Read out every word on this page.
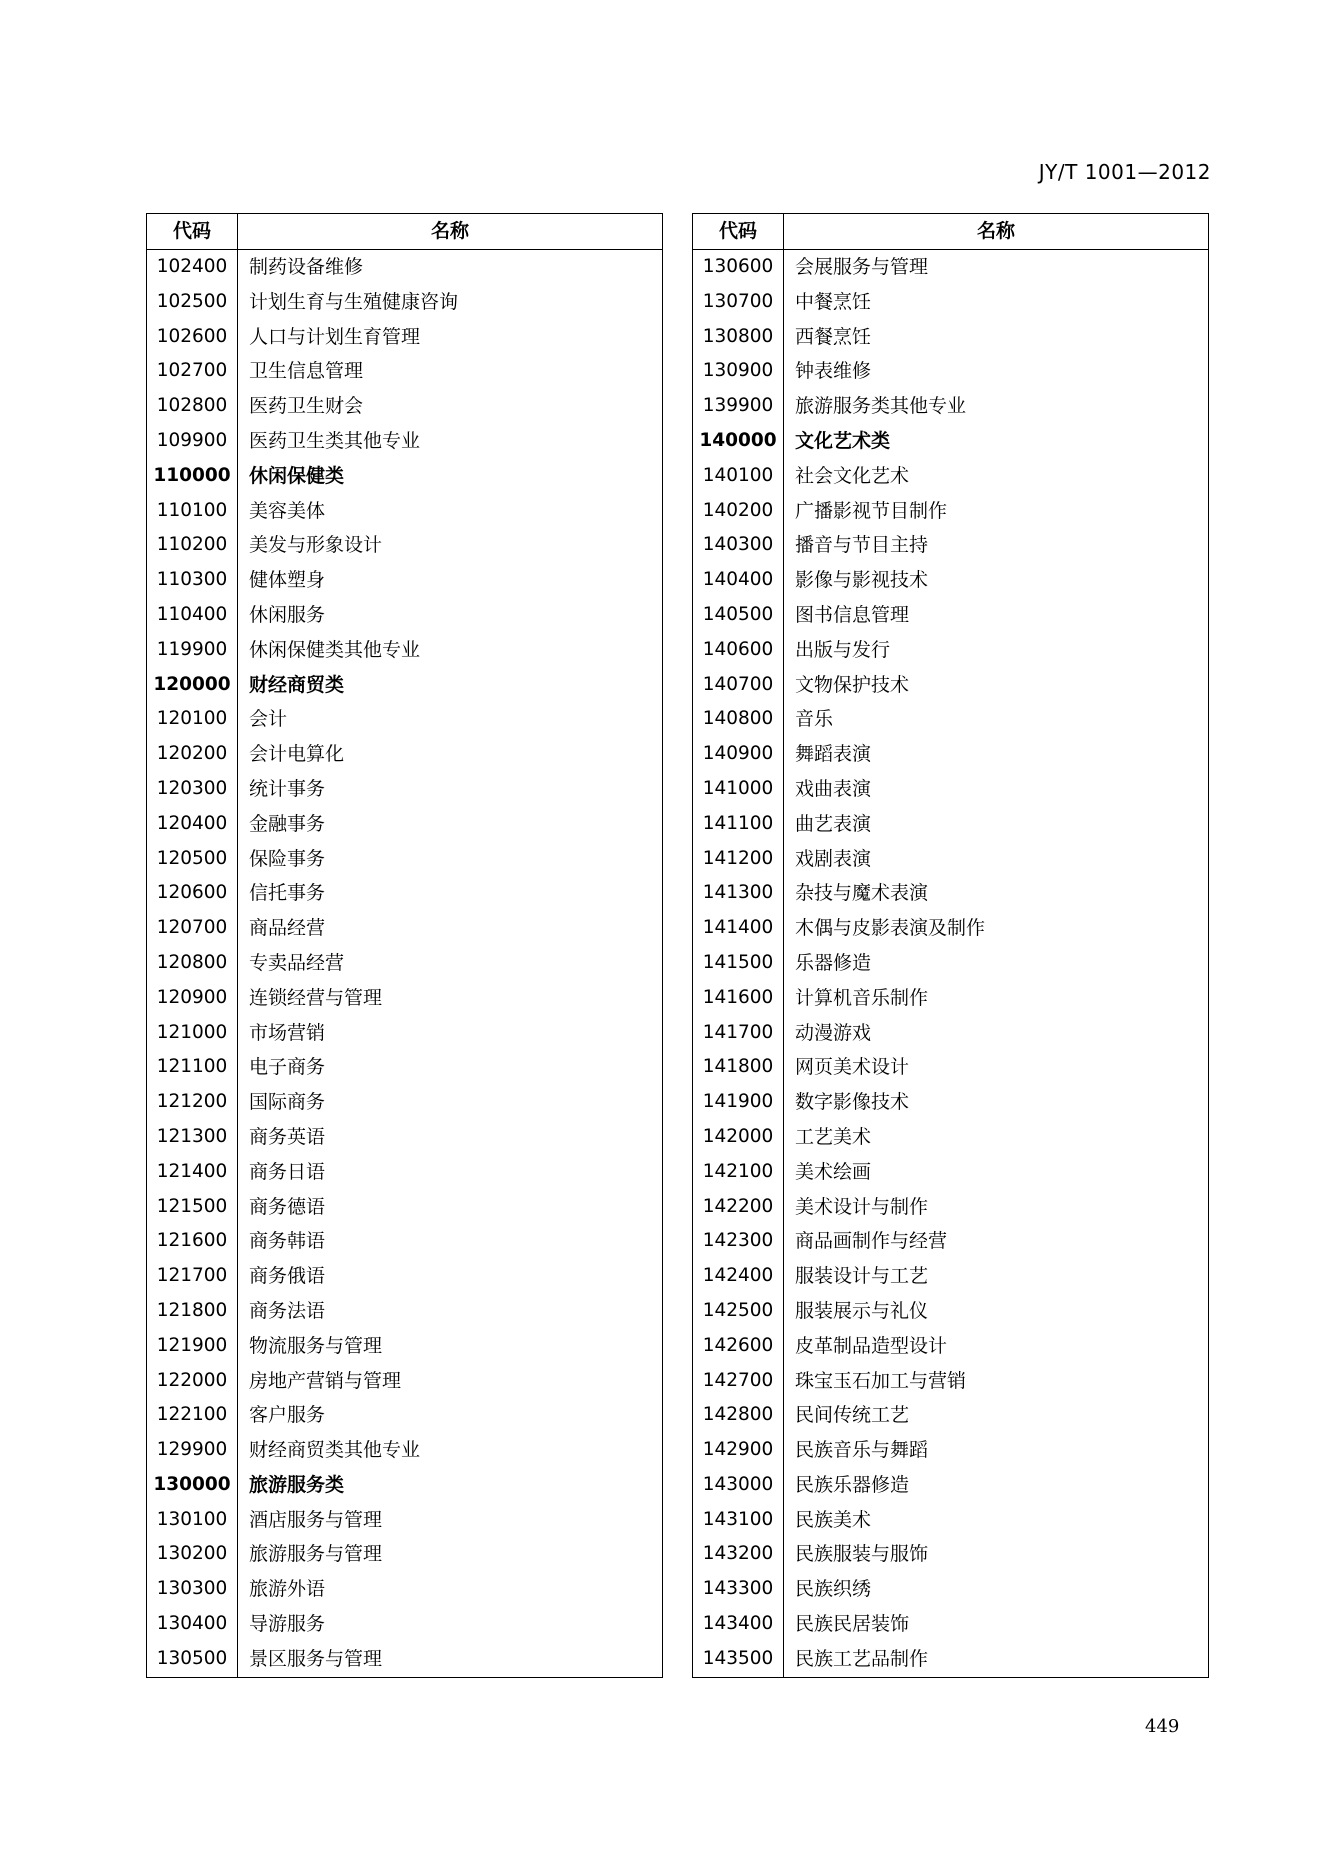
JY/T 1001—2012
代码	名称
102400	制药设备维修
102500	计划生育与生殖健康咨询
102600	人口与计划生育管理
102700	卫生信息管理
102800	医药卫生财会
109900	医药卫生类其他专业
110000	休闲保健类
110100	美容美体
110200	美发与形象设计
110300	健体塑身
110400	休闲服务
119900	休闲保健类其他专业
120000	财经商贸类
120100	会计
120200	会计电算化
120300	统计事务
120400	金融事务
120500	保险事务
120600	信托事务
120700	商品经营
120800	专卖品经营
120900	连锁经营与管理
121000	市场营销
121100	电子商务
121200	国际商务
121300	商务英语
121400	商务日语
121500	商务德语
121600	商务韩语
121700	商务俄语
121800	商务法语
121900	物流服务与管理
122000	房地产营销与管理
122100	客户服务
129900	财经商贸类其他专业
130000	旅游服务类
130100	酒店服务与管理
130200	旅游服务与管理
130300	旅游外语
130400	导游服务
130500	景区服务与管理
代码	名称
130600	会展服务与管理
130700	中餐烹饪
130800	西餐烹饪
130900	钟表维修
139900	旅游服务类其他专业
140000	文化艺术类
140100	社会文化艺术
140200	广播影视节目制作
140300	播音与节目主持
140400	影像与影视技术
140500	图书信息管理
140600	出版与发行
140700	文物保护技术
140800	音乐
140900	舞蹈表演
141000	戏曲表演
141100	曲艺表演
141200	戏剧表演
141300	杂技与魔术表演
141400	木偶与皮影表演及制作
141500	乐器修造
141600	计算机音乐制作
141700	动漫游戏
141800	网页美术设计
141900	数字影像技术
142000	工艺美术
142100	美术绘画
142200	美术设计与制作
142300	商品画制作与经营
142400	服装设计与工艺
142500	服装展示与礼仪
142600	皮革制品造型设计
142700	珠宝玉石加工与营销
142800	民间传统工艺
142900	民族音乐与舞蹈
143000	民族乐器修造
143100	民族美术
143200	民族服装与服饰
143300	民族织绣
143400	民族民居装饰
143500	民族工艺品制作
449
